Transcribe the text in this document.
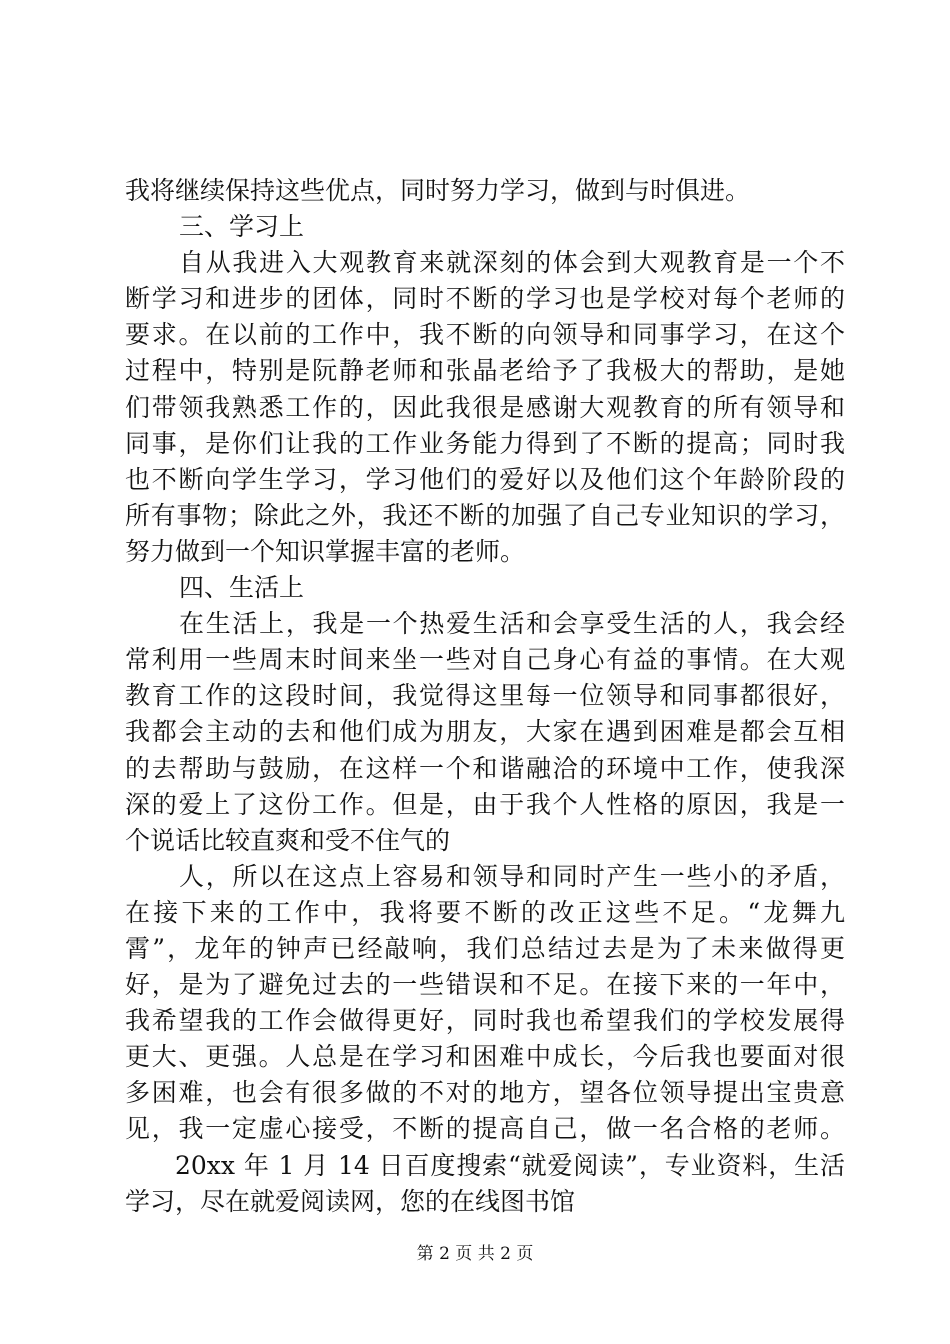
我将继续保持这些优点，同时努力学习，做到与时俱进。
三、学习上
自从我进入大观教育来就深刻的体会到大观教育是一个不
断学习和进步的团体，同时不断的学习也是学校对每个老师的
要求。在以前的工作中，我不断的向领导和同事学习，在这个
过程中，特别是阮静老师和张晶老给予了我极大的帮助，是她
们带领我熟悉工作的，因此我很是感谢大观教育的所有领导和
同事，是你们让我的工作业务能力得到了不断的提高；同时我
也不断向学生学习，学习他们的爱好以及他们这个年龄阶段的
所有事物；除此之外，我还不断的加强了自己专业知识的学习，
努力做到一个知识掌握丰富的老师。
四、生活上
在生活上，我是一个热爱生活和会享受生活的人，我会经
常利用一些周末时间来坐一些对自己身心有益的事情。在大观
教育工作的这段时间，我觉得这里每一位领导和同事都很好，
我都会主动的去和他们成为朋友，大家在遇到困难是都会互相
的去帮助与鼓励，在这样一个和谐融洽的环境中工作，使我深
深的爱上了这份工作。但是，由于我个人性格的原因，我是一
个说话比较直爽和受不住气的
人，所以在这点上容易和领导和同时产生一些小的矛盾，
在接下来的工作中，我将要不断的改正这些不足。“龙舞九
霄”，龙年的钟声已经敲响，我们总结过去是为了未来做得更
好，是为了避免过去的一些错误和不足。在接下来的一年中，
我希望我的工作会做得更好，同时我也希望我们的学校发展得
更大、更强。人总是在学习和困难中成长，今后我也要面对很
多困难，也会有很多做的不对的地方，望各位领导提出宝贵意
见，我一定虚心接受，不断的提高自己，做一名合格的老师。
20xx 年 1 月 14 日百度搜索“就爱阅读”，专业资料，生活
学习，尽在就爱阅读网，您的在线图书馆
第 2 页 共 2 页
